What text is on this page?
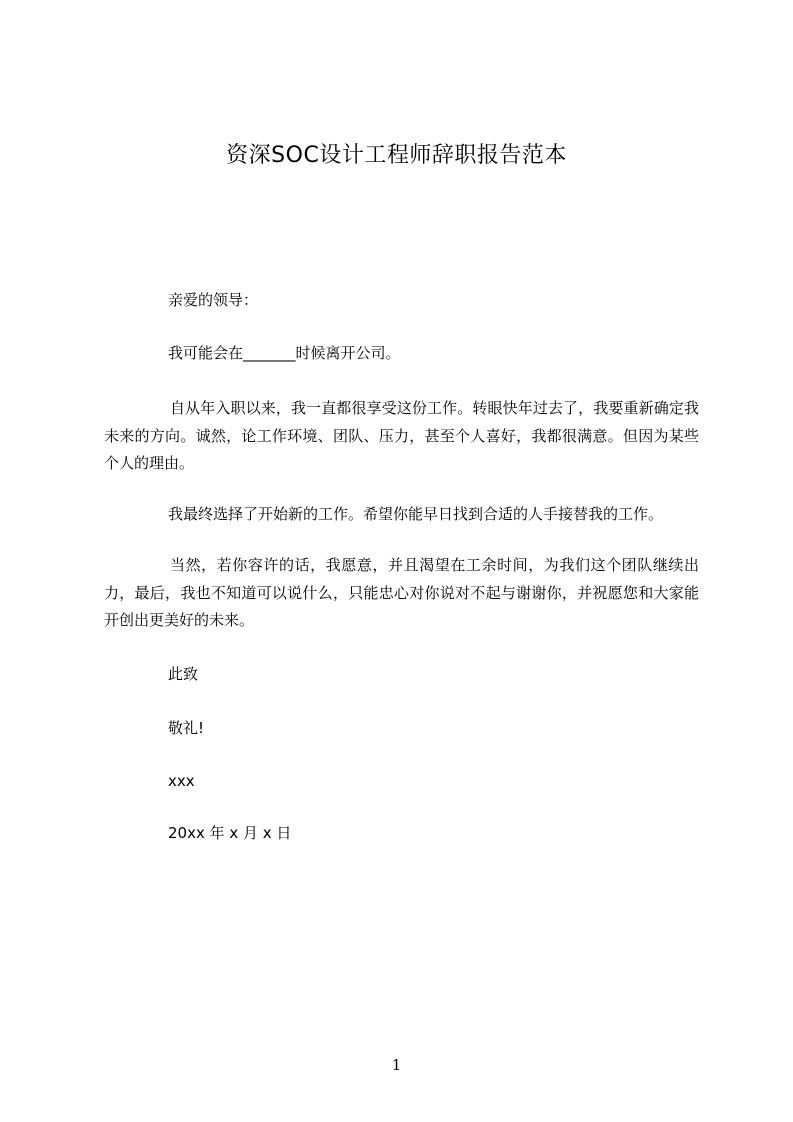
资深SOC设计工程师辞职报告范本
亲爱的领导：
我可能会在_______时候离开公司。
自从年入职以来，我一直都很享受这份工作。转眼快年过去了，我要重新确定我未来的方向。诚然，论工作环境、团队、压力，甚至个人喜好，我都很满意。但因为某些个人的理由。
我最终选择了开始新的工作。希望你能早日找到合适的人手接替我的工作。
当然，若你容许的话，我愿意，并且渴望在工余时间，为我们这个团队继续出力，最后，我也不知道可以说什么，只能忠心对你说对不起与谢谢你，并祝愿您和大家能开创出更美好的未来。
此致
敬礼!
xxx
20xx 年 x 月 x 日
1
